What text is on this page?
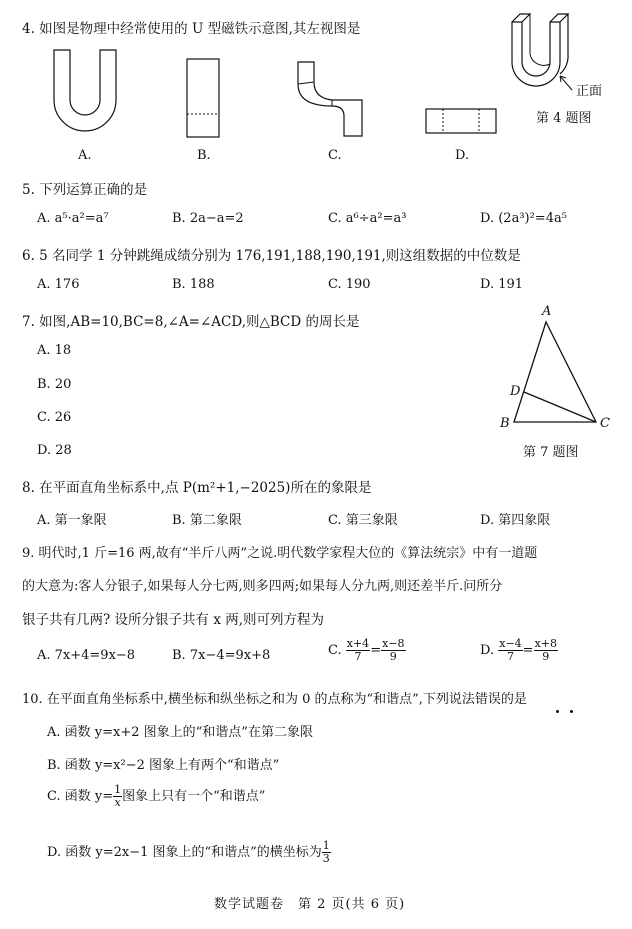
4. 如图是物理中经常使用的 U 型磁铁示意图,其左视图是
A.	B.	C.	D.
正面
第 4 题图
5. 下列运算正确的是
A. a⁵·a²=a⁷	B. 2a−a=2	C. a⁶÷a²=a³	D. (2a³)²=4a⁵
6. 5 名同学 1 分钟跳绳成绩分别为 176,191,188,190,191,则这组数据的中位数是
A. 176	B. 188	C. 190	D. 191
7. 如图,AB=10,BC=8,∠A=∠ACD,则△BCD 的周长是
A. 18
B. 20
C. 26
D. 28
A
B	C
D
第 7 题图
8. 在平面直角坐标系中,点 P(m²+1,−2025)所在的象限是
A. 第一象限	B. 第二象限	C. 第三象限	D. 第四象限
9. 明代时,1 斤=16 两,故有“半斤八两”之说.明代数学家程大位的《算法统宗》中有一道题
的大意为:客人分银子,如果每人分七两,则多四两;如果每人分九两,则还差半斤.问所分
银子共有几两? 设所分银子共有 x 两,则可列方程为
A. 7x+4=9x−8	B. 7x−4=9x+8	C. $\frac{x+4}{7} = \frac{x-8}{9}$	D. $\frac{x-4}{7} = \frac{x+8}{9}$
10. 在平面直角坐标系中,横坐标和纵坐标之和为 0 的点称为“和谐点”,下列说法错误的是
A. 函数 y=x+2 图象上的“和谐点”在第二象限
B. 函数 y=x²−2 图象上有两个“和谐点”
C. 函数 $y= \frac{1}{x}$ 图象上只有一个“和谐点”
D. 函数 y=2x−1 图象上的“和谐点”的横坐标为 $\frac{1}{3}$
数学试题卷　第 2 页(共 6 页)
